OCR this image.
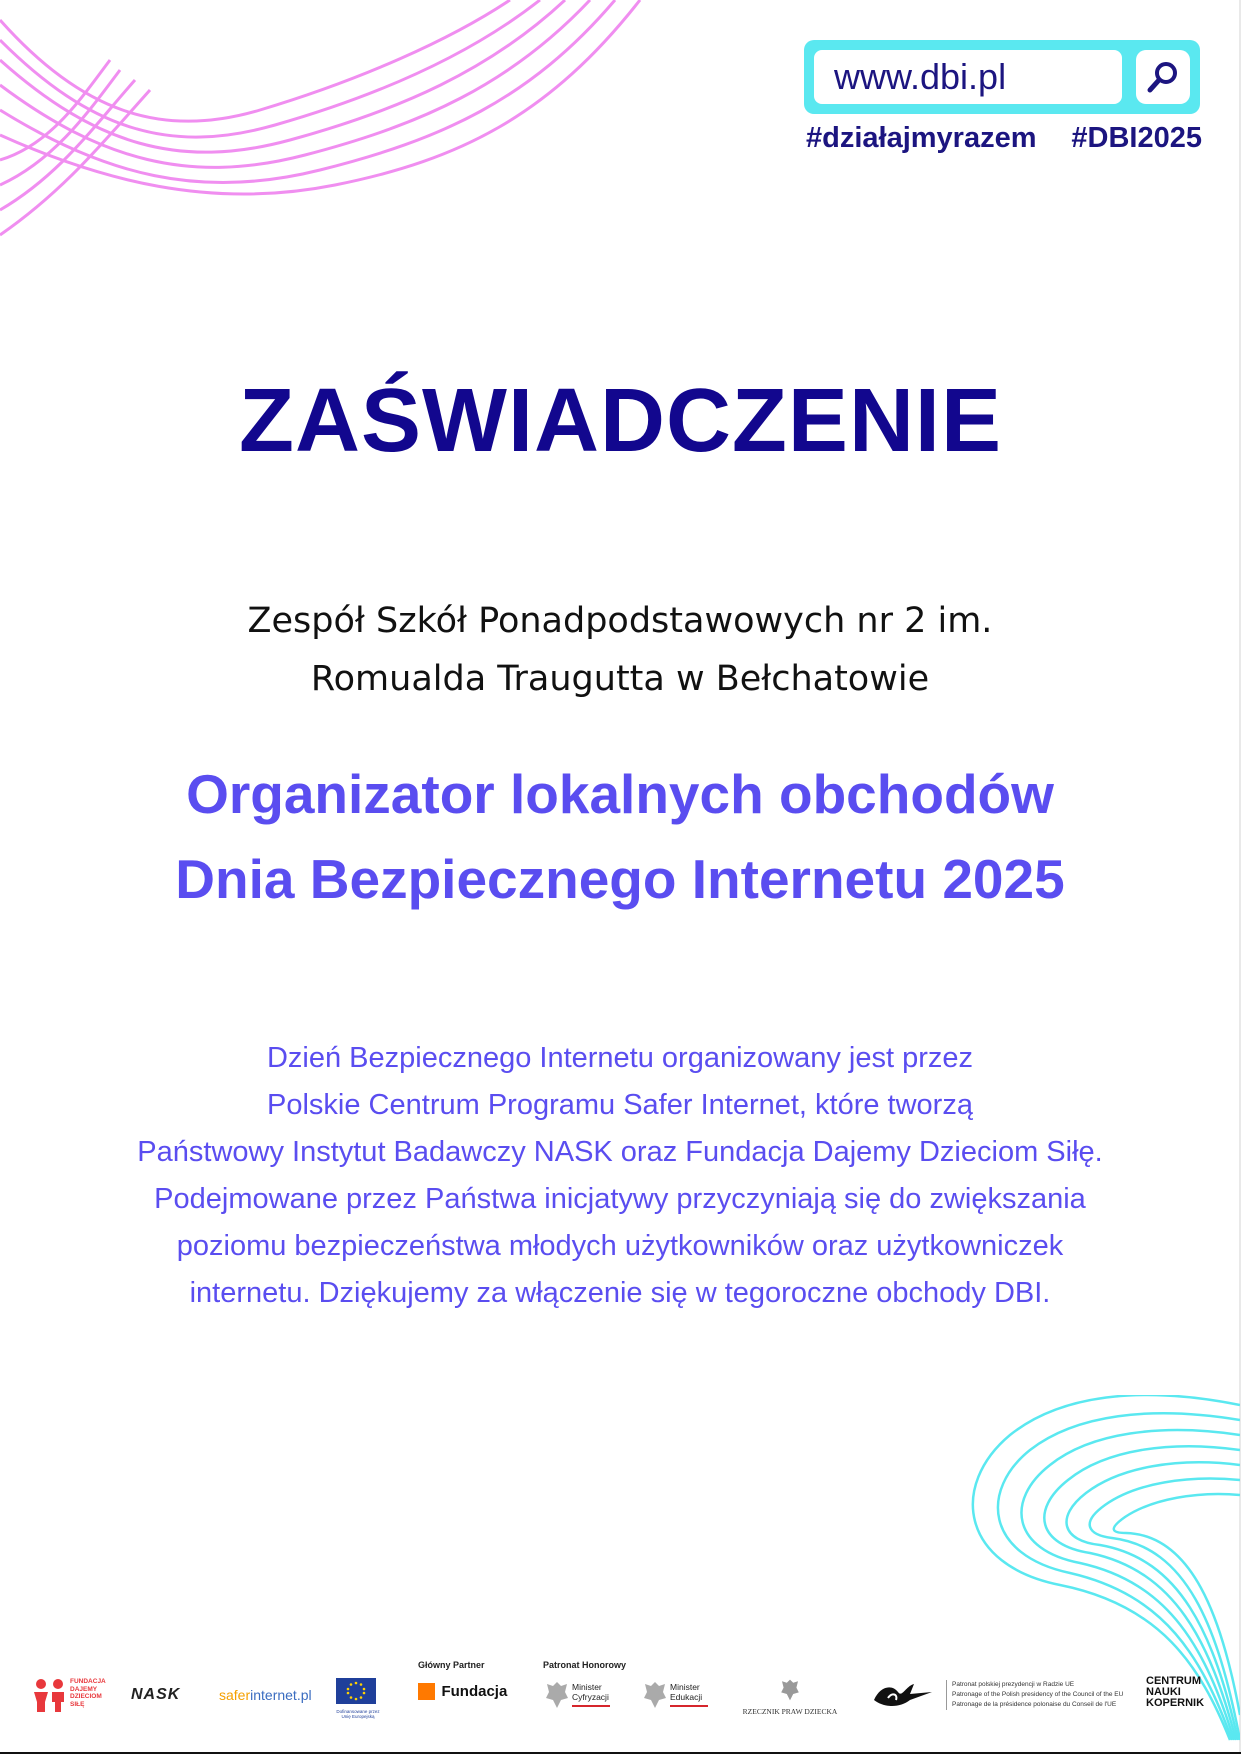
www.dbi.pl
#działajmyrazem #DBI2025
ZAŚWIADCZENIE
Zespół Szkół Ponadpodstawowych nr 2 im.
Romualda Traugutta w Bełchatowie
Organizator lokalnych obchodów
Dnia Bezpiecznego Internetu 2025
Dzień Bezpiecznego Internetu organizowany jest przez
Polskie Centrum Programu Safer Internet, które tworzą
Państwowy Instytut Badawczy NASK oraz Fundacja Dajemy Dzieciom Siłę.
Podejmowane przez Państwa inicjatywy przyczyniają się do zwiększania
poziomu bezpieczeństwa młodych użytkowników oraz użytkowniczek
internetu. Dziękujemy za włączenie się w tegoroczne obchody DBI.
FUNDACJA
DAJEMY
DZIECIOM
SIŁĘ
NASK	saferinternet.pl
Dofinansowane przez
Unię Europejską
Główny Partner
Fundacja
Patronat Honorowy
Minister
Cyfryzacji
Minister
Edukacji
RZECZNIK PRAW DZIECKA
Patronat polskiej prezydencji w Radzie UE
Patronage of the Polish presidency of the Council of the EU
Patronage de la présidence polonaise du Conseil de l'UE
CENTRUM
NAUKI
KOPERNIK
